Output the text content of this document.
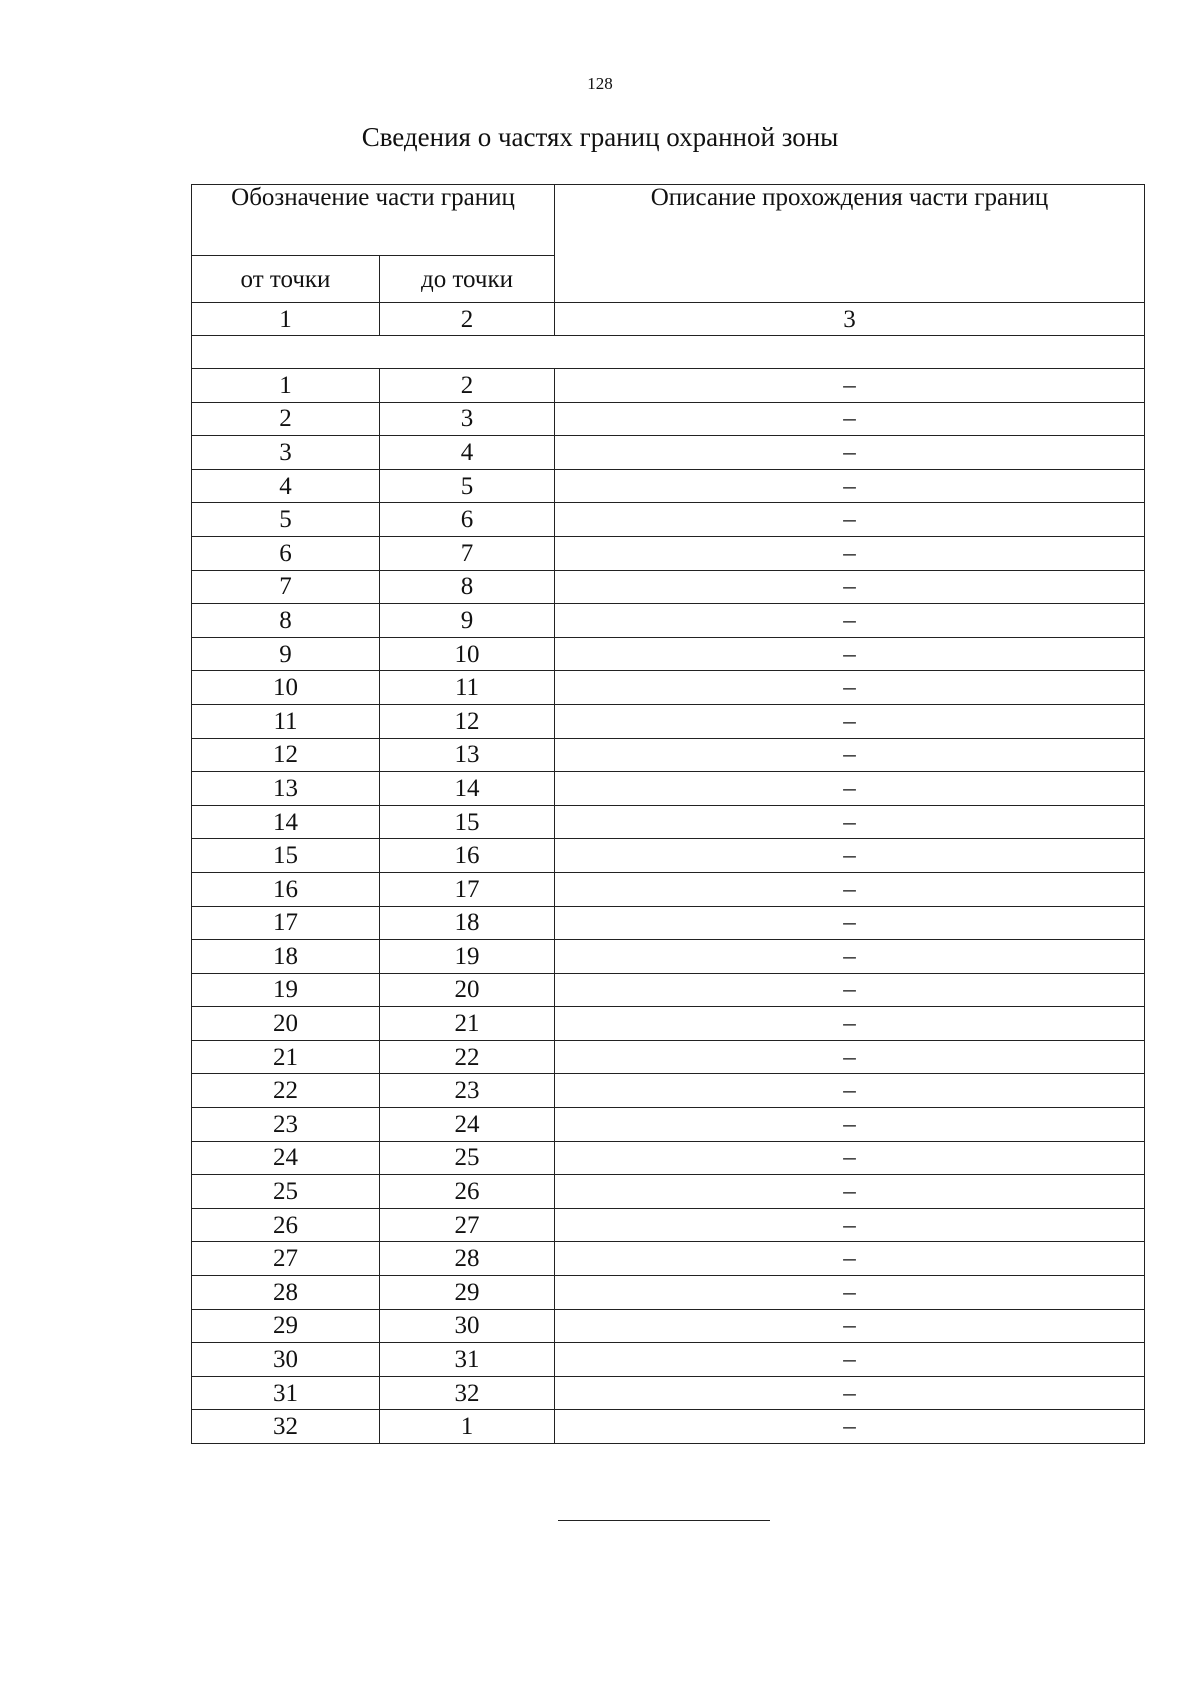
128
Сведения о частях границ охранной зоны
Обозначение части границ		Описание прохождения части границ
от точки	до точки	
1	2	3

1	2	–
2	3	–
3	4	–
4	5	–
5	6	–
6	7	–
7	8	–
8	9	–
9	10	–
10	11	–
11	12	–
12	13	–
13	14	–
14	15	–
15	16	–
16	17	–
17	18	–
18	19	–
19	20	–
20	21	–
21	22	–
22	23	–
23	24	–
24	25	–
25	26	–
26	27	–
27	28	–
28	29	–
29	30	–
30	31	–
31	32	–
32	1	–
